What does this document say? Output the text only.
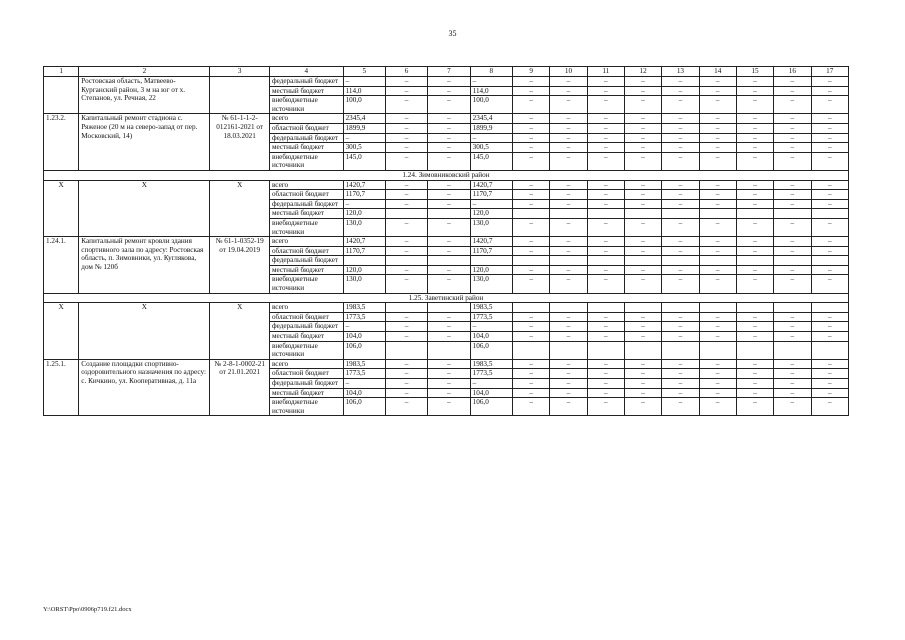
35
1	2	3	4	5	6	7	8	9	10	11	12	13	14	15	16	17
	Ростовская область, Матвеево-Курганский район, 3 м на юг от х. Степанов, ул. Речная, 22		федеральный бюджет	–	–	–	–	–	–	–	–	–	–	–	–	–
			местный бюджет	114,0	–	–	114,0	–	–	–	–	–	–	–	–	–
			внебюджетные источники	100,0	–	–	100,0	–	–	–	–	–	–	–	–	–
1.23.2.	Капитальный ремонт стадиона с. Ряженое (20 м на северо-запад от пер. Московский, 14)	№ 61-1-1-2-012161-2021 от 18.03.2021	всего	2345,4	–	–	2345,4	–	–	–	–	–	–	–	–	–
			областной бюджет	1899,9	–	–	1899,9	–	–	–	–	–	–	–	–	–
			федеральный бюджет	–	–	–	–	–	–	–	–	–	–	–	–	–
			местный бюджет	300,5	–	–	300,5	–	–	–	–	–	–	–	–	–
			внебюджетные источники	145,0	–	–	145,0	–	–	–	–	–	–	–	–	–
1.24. Зимовниковский район																
Х	Х	Х	всего	1420,7	–	–	1420,7	–	–	–	–	–	–	–	–	–
			областной бюджет	1170,7	–	–	1170,7	–	–	–	–	–	–	–	–	–
			федеральный бюджет	–	–	–	–	–	–	–	–	–	–	–	–	–
			местный бюджет	120,0			120,0									
			внебюджетные источники	130,0	–	–	130,0	–	–	–	–	–	–	–	–	–
1.24.1.	Капитальный ремонт кровли здания спортивного зала по адресу: Ростовская область, п. Зимовники, ул. Куглякова, дом № 120б	№ 61-1-0352-19 от 19.04.2019	всего	1420,7	–	–	1420,7	–	–	–	–	–	–	–	–	–
			областной бюджет	1170,7	–	–	1170,7	–	–	–	–	–	–	–	–	–
			федеральный бюджет													
			местный бюджет	120,0	–	–	120,0	–	–	–	–	–	–	–	–	–
			внебюджетные источники	130,0	–	–	130,0	–	–	–	–	–	–	–	–	–
1.25. Заветинский район																
Х	Х	Х	всего	1983,5			1983,5									
			областной бюджет	1773,5	–	–	1773,5	–	–	–	–	–	–	–	–	–
			федеральный бюджет	–	–	–	–	–	–	–	–	–	–	–	–	–
			местный бюджет	104,0	–	–	104,0	–	–	–	–	–	–	–	–	–
			внебюджетные источники	106,0			106,0									
1.25.1.	Создание площадки спортивно-оздоровительного назначения по адресу: с. Кичкино, ул. Кооперативная, д. 11а	№ 2-8-1-0002-21 от 21.01.2021	всего	1983,5	–	–	1983,5	–	–	–	–	–	–	–	–	–
			областной бюджет	1773,5	–	–	1773,5	–	–	–	–	–	–	–	–	–
			федеральный бюджет	–	–	–	–	–	–	–	–	–	–	–	–	–
			местный бюджет	104,0	–	–	104,0	–	–	–	–	–	–	–	–	–
			внебюджетные источники	106,0	–	–	106,0	–	–	–	–	–	–	–	–	–
Y:\ORST\Ppo\0906p719.f21.docx
